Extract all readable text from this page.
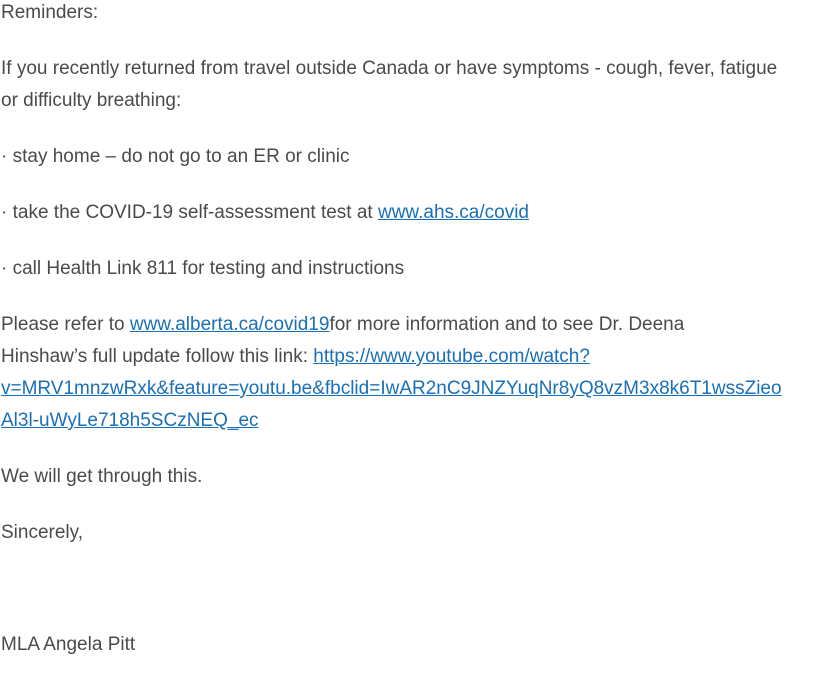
Reminders:

If you recently returned from travel outside Canada or have symptoms - cough, fever, fatigue or difficulty breathing:

· stay home – do not go to an ER or clinic

· take the COVID-19 self-assessment test at www.ahs.ca/covid

· call Health Link 811 for testing and instructions

Please refer to www.alberta.ca/covid19for more information and to see Dr. Deena
Hinshaw’s full update follow this link: https://www.youtube.com/watch?
v=MRV1mnzwRxk&feature=youtu.be&fbclid=IwAR2nC9JNZYuqNr8yQ8vzM3x8k6T1wssZieo
Al3l-uWyLe718h5SCzNEQ_ec

We will get through this.

Sincerely,

MLA Angela Pitt
